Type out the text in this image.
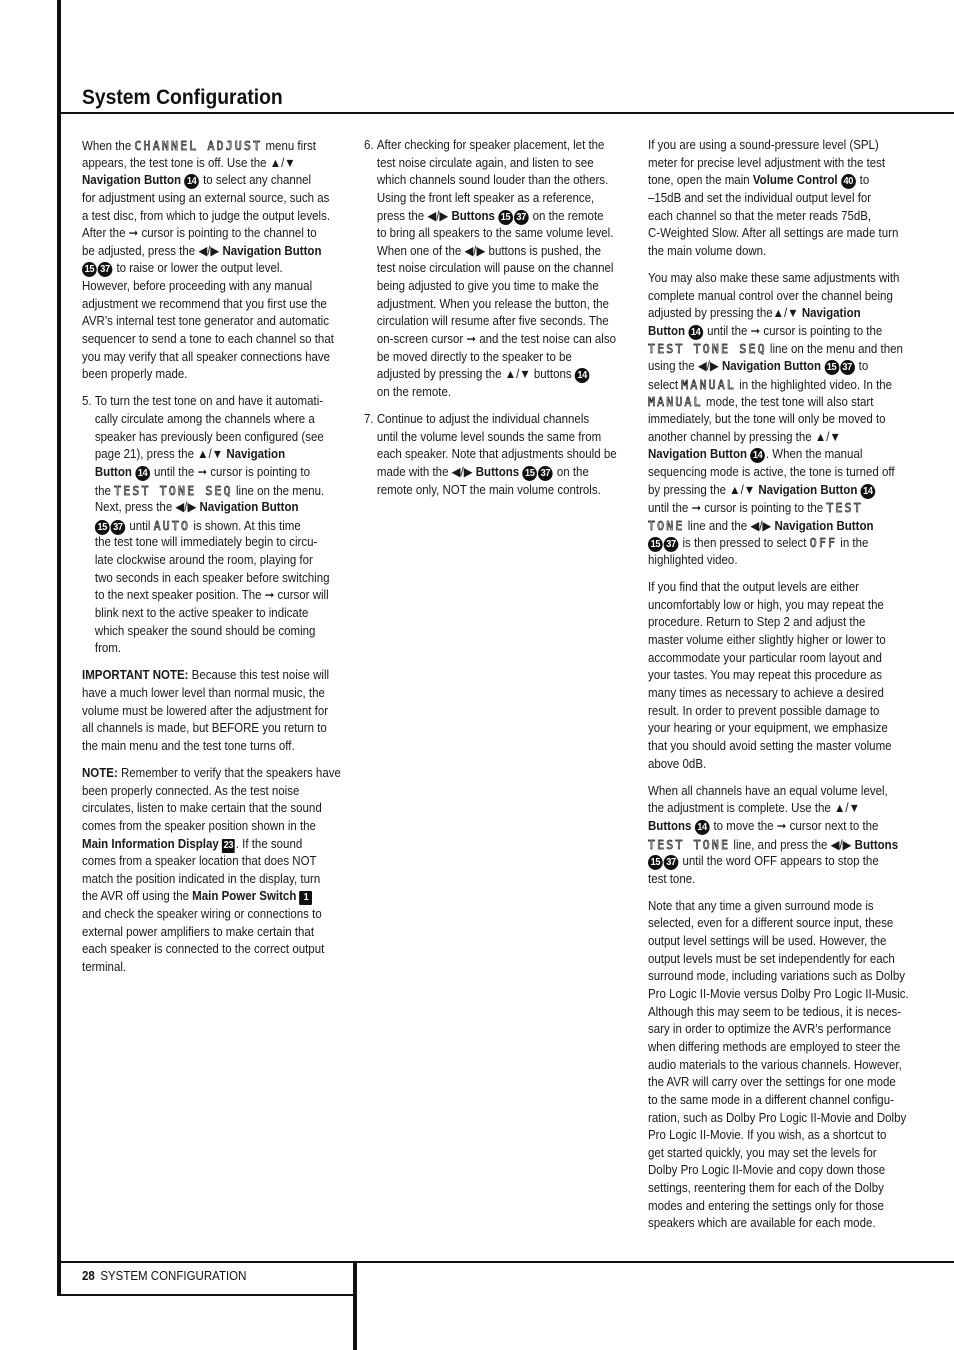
System Configuration
When the CHANNEL ADJUST menu first
appears, the test tone is off. Use the ▲/▼
Navigation Button 14 to select any channel
for adjustment using an external source, such as
a test disc, from which to judge the output levels.
After the ➞ cursor is pointing to the channel to
be adjusted, press the ◀/▶ Navigation Button
15 37 to raise or lower the output level.
However, before proceeding with any manual
adjustment we recommend that you first use the
AVR’s internal test tone generator and automatic
sequencer to send a tone to each channel so that
you may verify that all speaker connections have
been properly made.
5. To turn the test tone on and have it automati-
cally circulate among the channels where a
speaker has previously been configured (see
page 21), press the ▲/▼ Navigation
Button 14 until the ➞ cursor is pointing to
the TEST TONE SEQ line on the menu.
Next, press the ◀/▶ Navigation Button
15 37 until AUTO is shown. At this time
the test tone will immediately begin to circu-
late clockwise around the room, playing for
two seconds in each speaker before switching
to the next speaker position. The ➞ cursor will
blink next to the active speaker to indicate
which speaker the sound should be coming
from.
IMPORTANT NOTE: Because this test noise will
have a much lower level than normal music, the
volume must be lowered after the adjustment for
all channels is made, but BEFORE you return to
the main menu and the test tone turns off.
NOTE: Remember to verify that the speakers have
been properly connected. As the test noise
circulates, listen to make certain that the sound
comes from the speaker position shown in the
Main Information Display 23 . If the sound
comes from a speaker location that does NOT
match the position indicated in the display, turn
the AVR off using the Main Power Switch 1
and check the speaker wiring or connections to
external power amplifiers to make certain that
each speaker is connected to the correct output
terminal.
6. After checking for speaker placement, let the
test noise circulate again, and listen to see
which channels sound louder than the others.
Using the front left speaker as a reference,
press the ◀/▶ Buttons 15 37 on the remote
to bring all speakers to the same volume level.
When one of the ◀/▶ buttons is pushed, the
test noise circulation will pause on the channel
being adjusted to give you time to make the
adjustment. When you release the button, the
circulation will resume after five seconds. The
on-screen cursor ➞ and the test noise can also
be moved directly to the speaker to be
adjusted by pressing the ▲/▼ buttons 14
on the remote.
7. Continue to adjust the individual channels
until the volume level sounds the same from
each speaker. Note that adjustments should be
made with the ◀/▶ Buttons 15 37 on the
remote only, NOT the main volume controls.
If you are using a sound-pressure level (SPL)
meter for precise level adjustment with the test
tone, open the main Volume Control 40 to
–15dB and set the individual output level for
each channel so that the meter reads 75dB,
C-Weighted Slow. After all settings are made turn
the main volume down.
You may also make these same adjustments with
complete manual control over the channel being
adjusted by pressing the▲/▼ Navigation
Button 14 until the ➞ cursor is pointing to the
TEST TONE SEQ line on the menu and then
using the ◀/▶ Navigation Button 15 37 to
select MANUAL in the highlighted video. In the
MANUAL mode, the test tone will also start
immediately, but the tone will only be moved to
another channel by pressing the ▲/▼
Navigation Button 14 . When the manual
sequencing mode is active, the tone is turned off
by pressing the ▲/▼ Navigation Button 14
until the ➞ cursor is pointing to the TEST
TONE line and the ◀/▶ Navigation Button
15 37 is then pressed to select OFF in the
highlighted video.
If you find that the output levels are either
uncomfortably low or high, you may repeat the
procedure. Return to Step 2 and adjust the
master volume either slightly higher or lower to
accommodate your particular room layout and
your tastes. You may repeat this procedure as
many times as necessary to achieve a desired
result. In order to prevent possible damage to
your hearing or your equipment, we emphasize
that you should avoid setting the master volume
above 0dB.
When all channels have an equal volume level,
the adjustment is complete. Use the ▲/▼
Buttons 14 to move the ➞ cursor next to the
TEST TONE line, and press the ◀/▶ Buttons
15 37 until the word OFF appears to stop the
test tone.
Note that any time a given surround mode is
selected, even for a different source input, these
output level settings will be used. However, the
output levels must be set independently for each
surround mode, including variations such as Dolby
Pro Logic II-Movie versus Dolby Pro Logic II-Music.
Although this may seem to be tedious, it is neces-
sary in order to optimize the AVR’s performance
when differing methods are employed to steer the
audio materials to the various channels. However,
the AVR will carry over the settings for one mode
to the same mode in a different channel configu-
ration, such as Dolby Pro Logic II-Movie and Dolby
Pro Logic II-Movie. If you wish, as a shortcut to
get started quickly, you may set the levels for
Dolby Pro Logic II-Movie and copy down those
settings, reentering them for each of the Dolby
modes and entering the settings only for those
speakers which are available for each mode.
28 SYSTEM CONFIGURATION
